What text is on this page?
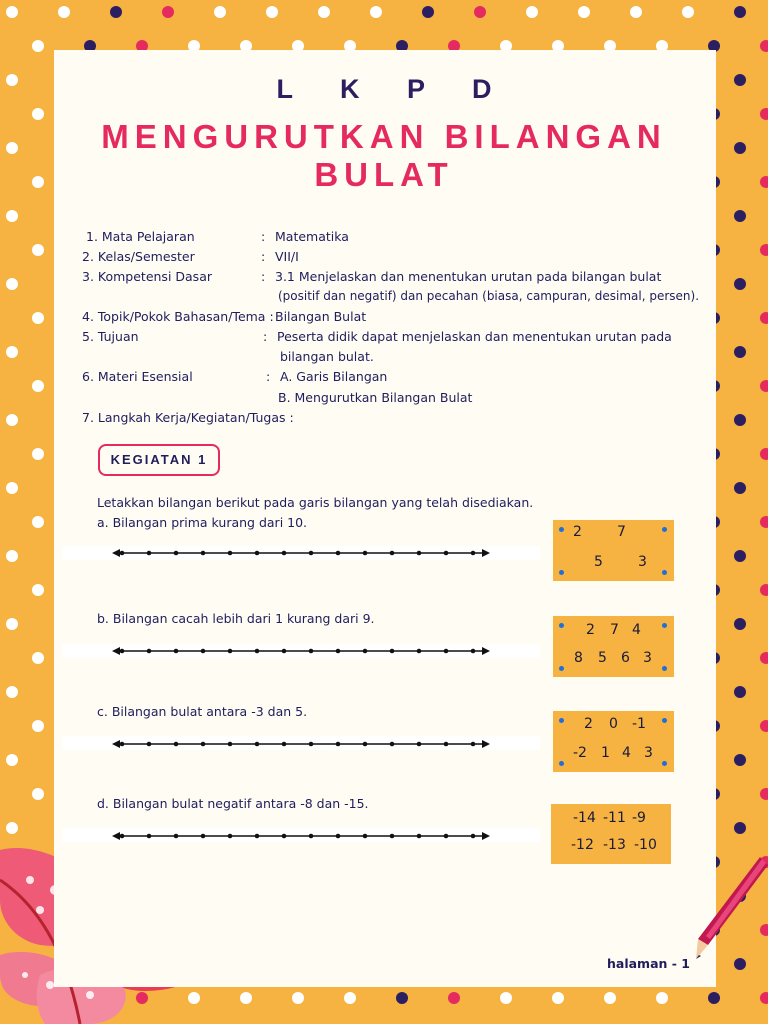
L K P D
MENGURUTKAN BILANGAN
BULAT
1. Mata Pelajaran	: Matematika
2. Kelas/Semester	: VII/I
3. Kompetensi Dasar	: 3.1 Menjelaskan dan menentukan urutan pada bilangan bulat
(positif dan negatif) dan pecahan (biasa, campuran, desimal, persen).
4. Topik/Pokok Bahasan/Tema : Bilangan Bulat
5. Tujuan	: Peserta didik dapat menjelaskan dan menentukan urutan pada
bilangan bulat.
6. Materi Esensial	: A. Garis Bilangan
B. Mengurutkan Bilangan Bulat
7. Langkah Kerja/Kegiatan/Tugas :
KEGIATAN 1
Letakkan bilangan berikut pada garis bilangan yang telah disediakan.
a. Bilangan prima kurang dari 10.
2	7
5	3
b. Bilangan cacah lebih dari 1 kurang dari 9.
2 7 4
8 5 6 3
c. Bilangan bulat antara -3 dan 5.
2 0 -1
-2 1 4 3
d. Bilangan bulat negatif antara -8 dan -15.
-14 -11 -9
-12 -13 -10
halaman - 1
